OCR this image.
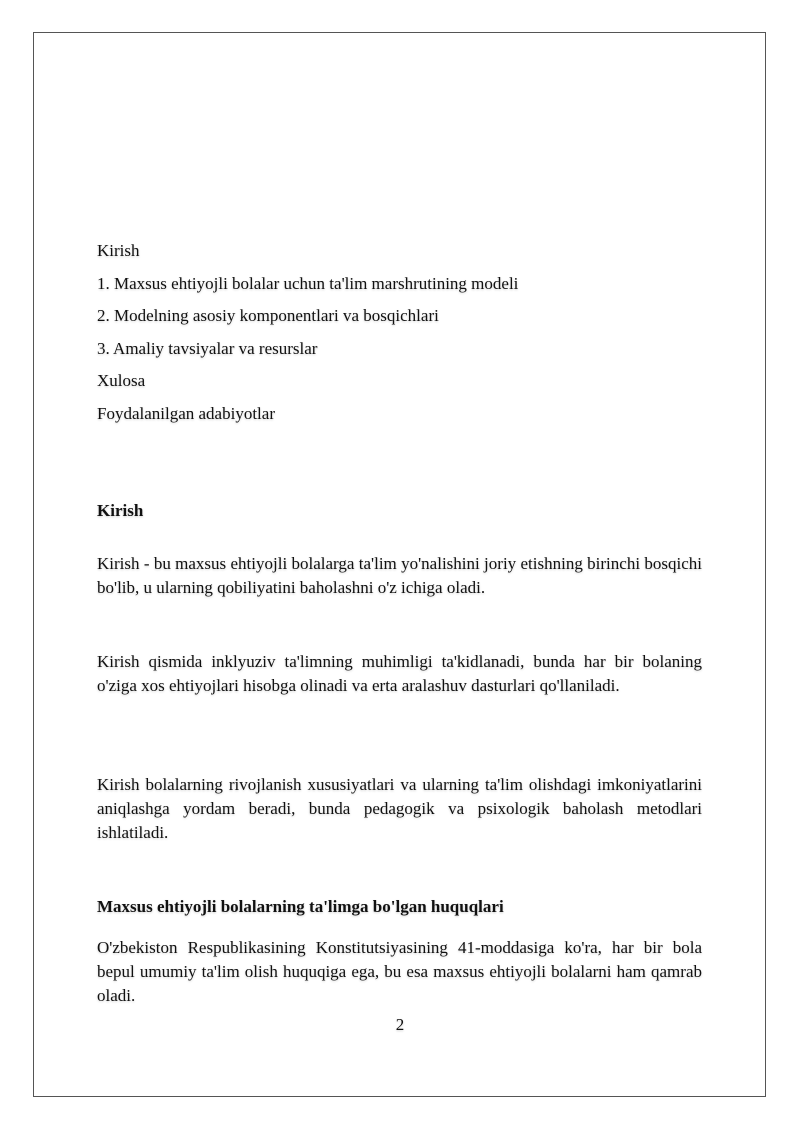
Kirish
1. Maxsus ehtiyojli bolalar uchun ta'lim marshrutining modeli
2. Modelning asosiy komponentlari va bosqichlari
3. Amaliy tavsiyalar va resurslar
Xulosa
Foydalanilgan adabiyotlar
Kirish
Kirish - bu maxsus ehtiyojli bolalarga ta'lim yo'nalishini joriy etishning birinchi bosqichi bo'lib, u ularning qobiliyatini baholashni o'z ichiga oladi.
Kirish qismida inklyuziv ta'limning muhimligi ta'kidlanadi, bunda har bir bolaning o'ziga xos ehtiyojlari hisobga olinadi va erta aralashuv dasturlari qo'llaniladi.
Kirish bolalarning rivojlanish xususiyatlari va ularning ta'lim olishdagi imkoniyatlarini aniqlashga yordam beradi, bunda pedagogik va psixologik baholash metodlari ishlatiladi.
Maxsus ehtiyojli bolalarning ta'limga bo'lgan huquqlari
O'zbekiston Respublikasining Konstitutsiyasining 41-moddasiga ko'ra, har bir bola bepul umumiy ta'lim olish huquqiga ega, bu esa maxsus ehtiyojli bolalarni ham qamrab oladi.
2
